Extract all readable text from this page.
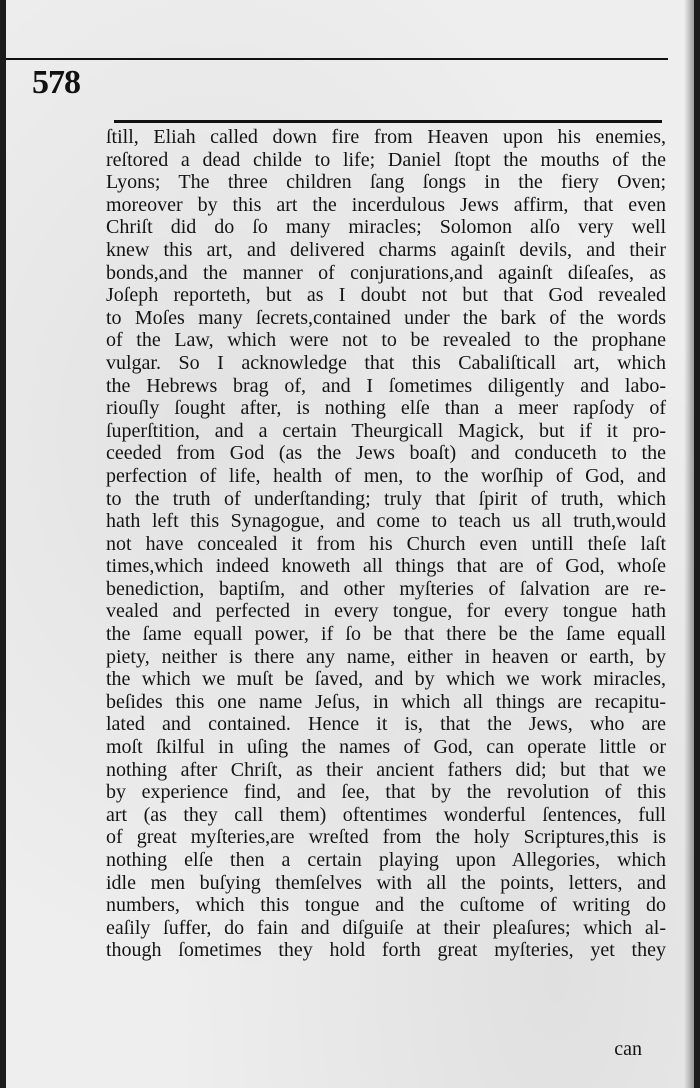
578
ſtill, Eliah called down fire from Heaven upon his enemies,
reſtored a dead childe to life; Daniel ſtopt the mouths of the
Lyons; The three children ſang ſongs in the fiery Oven;
moreover by this art the incerdulous Jews affirm, that even
Chriſt did do ſo many miracles; Solomon alſo very well
knew this art, and delivered charms againſt devils, and their
bonds,and the manner of conjurations,and againſt diſeaſes, as
Joſeph reporteth, but as I doubt not but that God revealed
to Moſes many ſecrets,contained under the bark of the words
of the Law, which were not to be revealed to the prophane
vulgar. So I acknowledge that this Cabaliſticall art, which
the Hebrews brag of, and I ſometimes diligently and labo-
riouſly ſought after, is nothing elſe than a meer rapſody of
ſuperſtition, and a certain Theurgicall Magick, but if it pro-
ceeded from God (as the Jews boaſt) and conduceth to the
perfection of life, health of men, to the worſhip of God, and
to the truth of underſtanding; truly that ſpirit of truth, which
hath left this Synagogue, and come to teach us all truth,would
not have concealed it from his Church even untill theſe laſt
times,which indeed knoweth all things that are of God, whoſe
benediction, baptiſm, and other myſteries of ſalvation are re-
vealed and perfected in every tongue, for every tongue hath
the ſame equall power, if ſo be that there be the ſame equall
piety, neither is there any name, either in heaven or earth, by
the which we muſt be ſaved, and by which we work miracles,
beſides this one name Jeſus, in which all things are recapitu-
lated and contained. Hence it is, that the Jews, who are
moſt ſkilful in uſing the names of God, can operate little or
nothing after Chriſt, as their ancient fathers did; but that we
by experience find, and ſee, that by the revolution of this
art (as they call them) oftentimes wonderful ſentences, full
of great myſteries,are wreſted from the holy Scriptures,this is
nothing elſe then a certain playing upon Allegories, which
idle men buſying themſelves with all the points, letters, and
numbers, which this tongue and the cuſtome of writing do
eaſily ſuffer, do fain and diſguiſe at their pleaſures; which al-
though ſometimes they hold forth great myſteries, yet they
can
